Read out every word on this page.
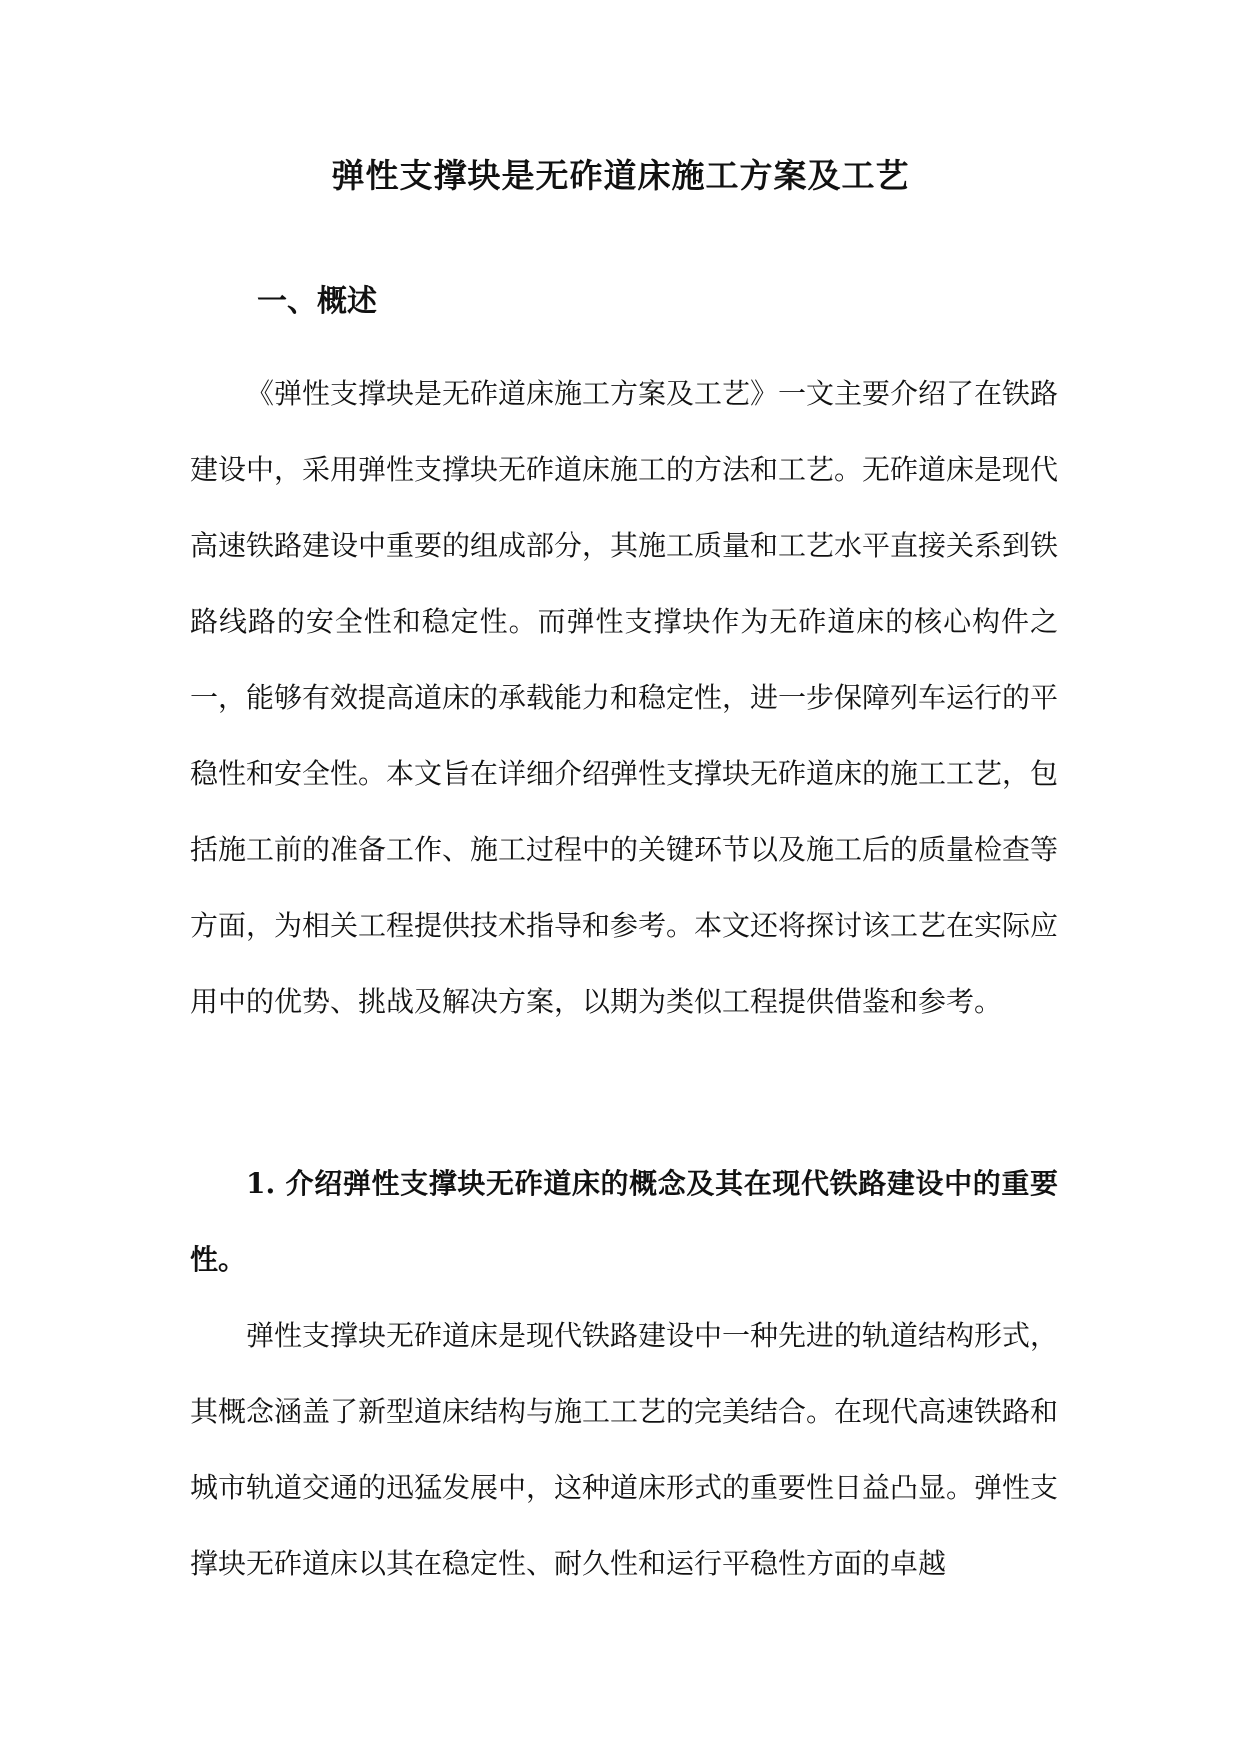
弹性支撑块是无砟道床施工方案及工艺
一、概述

《弹性支撑块是无砟道床施工方案及工艺》一文主要介绍了在铁路建设中，采用弹性支撑块无砟道床施工的方法和工艺。无砟道床是现代高速铁路建设中重要的组成部分，其施工质量和工艺水平直接关系到铁路线路的安全性和稳定性。而弹性支撑块作为无砟道床的核心构件之一，能够有效提高道床的承载能力和稳定性，进一步保障列车运行的平稳性和安全性。本文旨在详细介绍弹性支撑块无砟道床的施工工艺，包括施工前的准备工作、施工过程中的关键环节以及施工后的质量检查等方面，为相关工程提供技术指导和参考。本文还将探讨该工艺在实际应用中的优势、挑战及解决方案，以期为类似工程提供借鉴和参考。

1. 介绍弹性支撑块无砟道床的概念及其在现代铁路建设中的重要性。

弹性支撑块无砟道床是现代铁路建设中一种先进的轨道结构形式，其概念涵盖了新型道床结构与施工工艺的完美结合。在现代高速铁路和城市轨道交通的迅猛发展中，这种道床形式的重要性日益凸显。弹性支撑块无砟道床以其在稳定性、耐久性和运行平稳性方面的卓越
